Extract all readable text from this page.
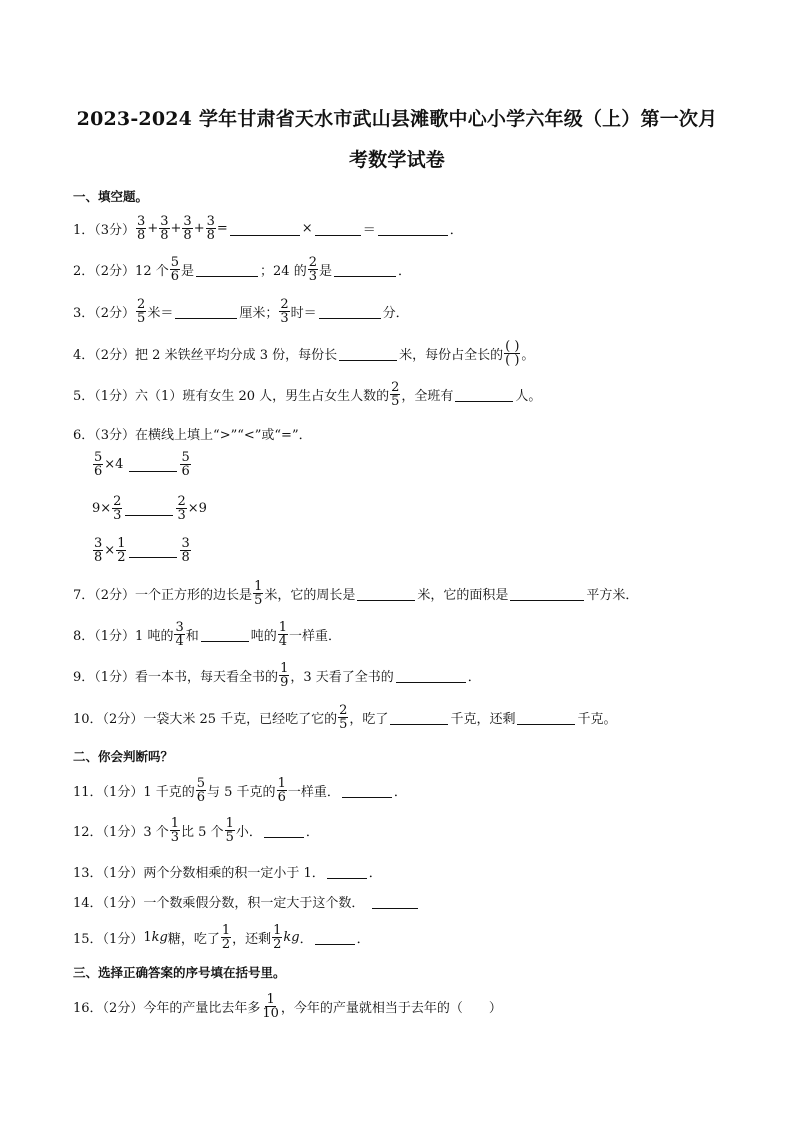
2023-2024 学年甘肃省天水市武山县滩歌中心小学六年级（上）第一次月
考数学试卷
一、填空题。
1．（3分） $\frac{3}{8} + \frac{3}{8} + \frac{3}{8} + \frac{3}{8}$ =	×	＝	．
2．（2分） 12 个 $\frac{5}{6}$ 是	；24 的 $\frac{2}{3}$ 是	．
3．（2分） $\frac{2}{5}$ 米＝	厘米； $\frac{2}{3}$ 时＝	分．
4．（2分） 把 2 米铁丝平均分成 3 份，每份长	米，每份占全长的 $\frac{( )}{( )}$ 。
5．（1分） 六（1）班有女生 20 人，男生占女生人数的 $\frac{2}{5}$ ，全班有	人。
6．（3分） 在横线上填上“>”“<”或“=”．
$\frac{5}{6} \times 4$	$\frac{5}{6}$
$9\times \frac{2}{3}$	$\frac{2}{3} \times 9$
$\frac{3}{8} \times \frac{1}{2}$	$\frac{3}{8}$
7．（2分） 一个正方形的边长是 $\frac{1}{5}$ 米，它的周长是	米，它的面积是	平方米．
8．（1分） 1 吨的 $\frac{3}{4}$ 和	吨的 $\frac{1}{4}$ 一样重．
9．（1分） 看一本书，每天看全书的 $\frac{1}{9}$ ，3 天看了全书的	．
10．（2分） 一袋大米 25 千克，已经吃了它的 $\frac{2}{5}$ ，吃了	千克，还剩	千克。
二、你会判断吗？
11．（1分） 1 千克的 $\frac{5}{6}$ 与 5 千克的 $\frac{1}{6}$ 一样重．	．
12．（1分） 3 个 $\frac{1}{3}$ 比 5 个 $\frac{1}{5}$ 小．	．
13．（1分） 两个分数相乘的积一定小于 1．	．
14．（1分） 一个数乘假分数，积一定大于这个数．
15．（1分） 1 kg 糖，吃了 $\frac{1}{2}$ ，还剩 $\frac{1}{2}$ kg ．	．
三、选择正确答案的序号填在括号里。
16．（2分） 今年的产量比去年多 $\frac{1}{10}$ ，今年的产量就相当于去年的（　　）
